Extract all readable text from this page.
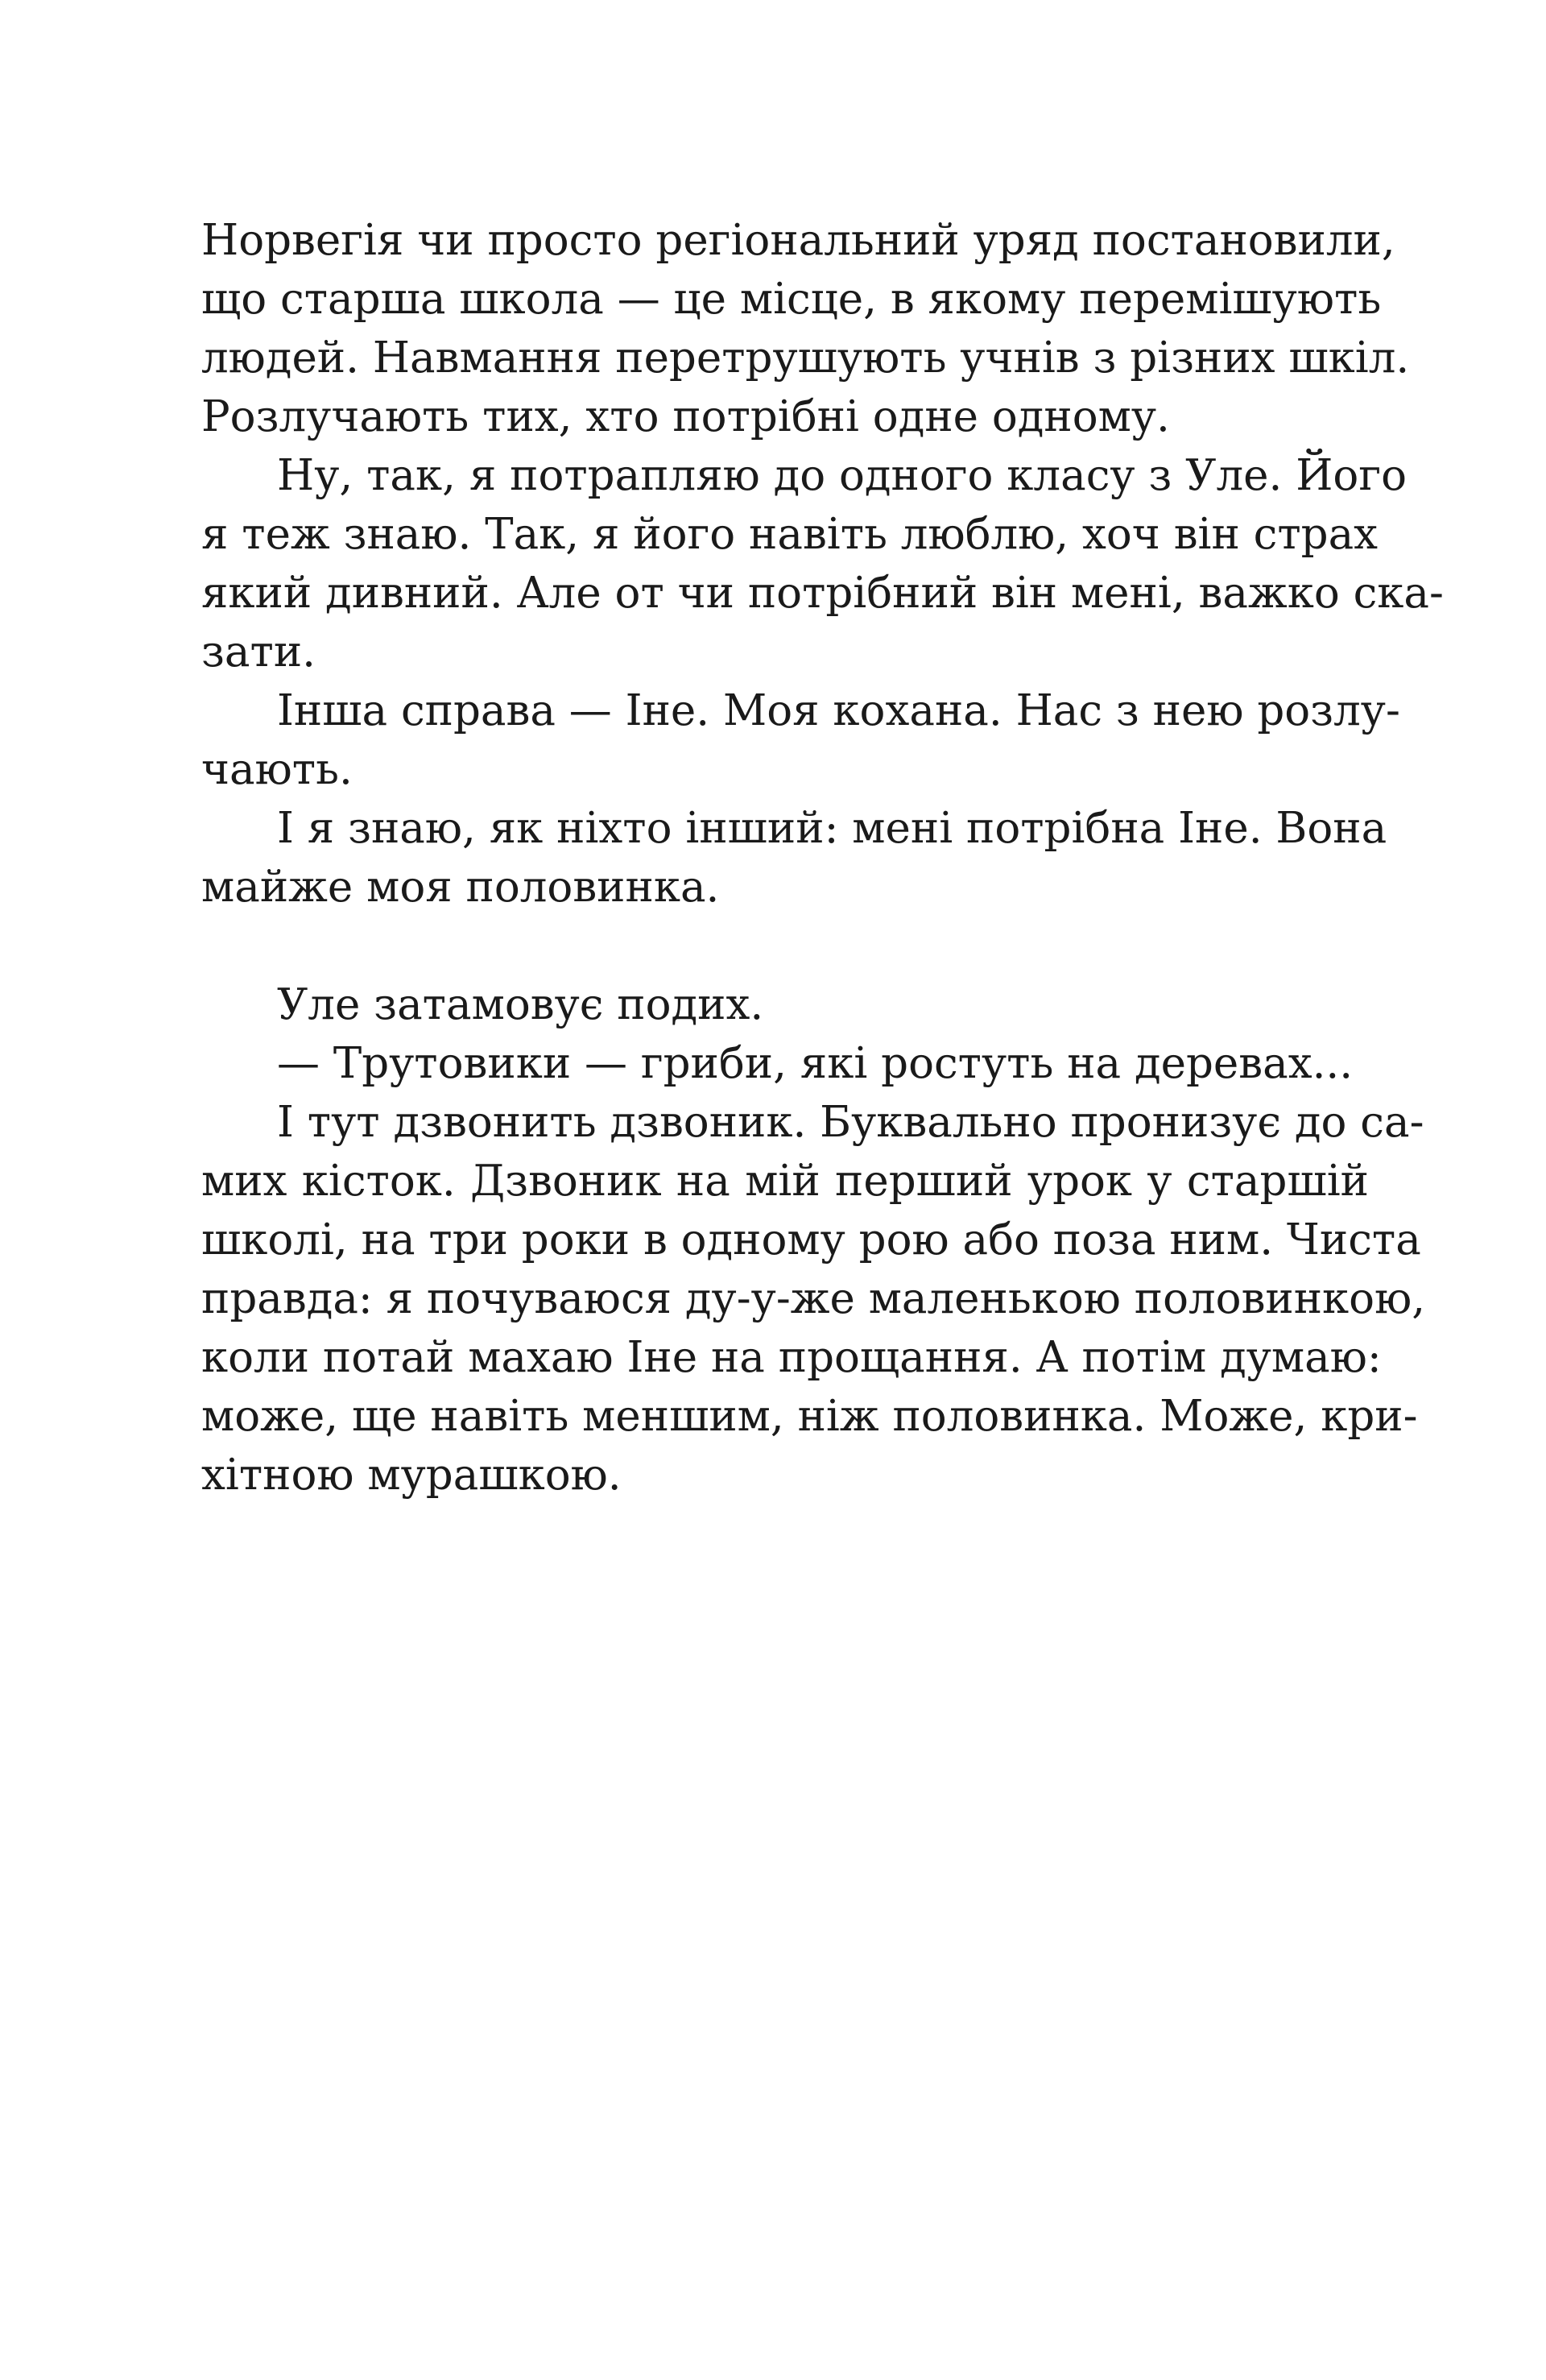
Норвегія чи просто регіональний уряд постановили,
що старша школа — це місце, в якому перемішують
людей. Навмання перетрушують учнів з різних шкіл.
Розлучають тих, хто потрібні одне одному.
Ну, так, я потрапляю до одного класу з Уле. Його
я теж знаю. Так, я його навіть люблю, хоч він страх
який дивний. Але от чи потрібний він мені, важко ска-
зати.
Інша справа — Іне. Моя кохана. Нас з нею розлу-
чають.
І я знаю, як ніхто інший: мені потрібна Іне. Вона
майже моя половинка.
Уле затамовує подих.
— Трутовики — гриби, які ростуть на деревах...
І тут дзвонить дзвоник. Буквально пронизує до са-
мих кісток. Дзвоник на мій перший урок у старшій
школі, на три роки в одному рою або поза ним. Чиста
правда: я почуваюся ду-у-же маленькою половинкою,
коли потай махаю Іне на прощання. А потім думаю:
може, ще навіть меншим, ніж половинка. Може, кри-
хітною мурашкою.
